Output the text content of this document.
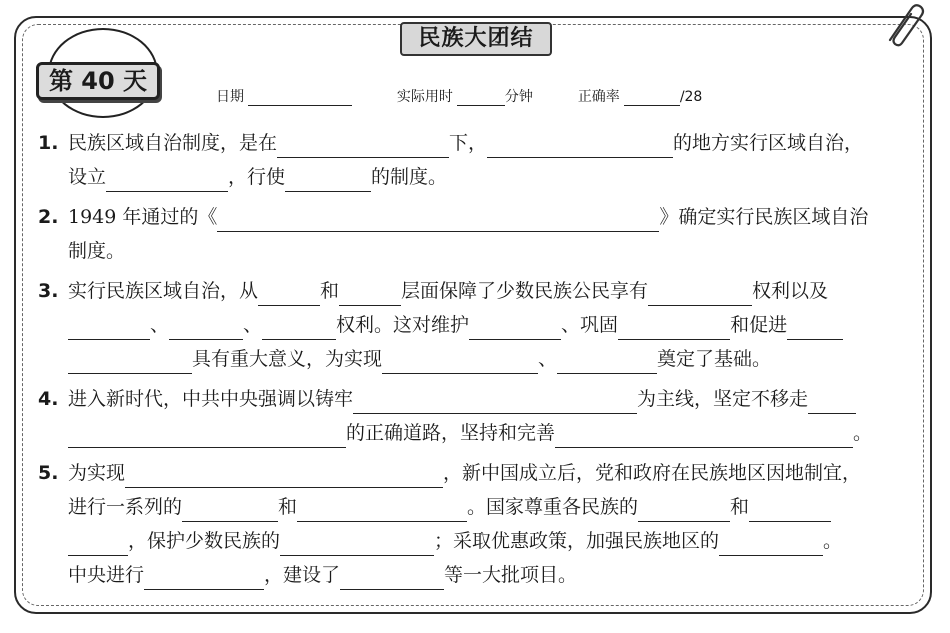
民族大团结
第 40 天
日期	实际用时	分钟	正确率	/28
1. 民族区域自治制度，是在	下，	的地方实行区域自治，
设立	，行使	的制度。
2. 1949 年通过的《	》确定实行民族区域自治
制度。
3. 实行民族区域自治，从	和	层面保障了少数民族公民享有	权利以及
、	、	权利。这对维护	、巩固	和促进
具有重大意义，为实现	、	奠定了基础。
4. 进入新时代，中共中央强调以铸牢	为主线，坚定不移走
的正确道路，坚持和完善	。
5. 为实现	，新中国成立后，党和政府在民族地区因地制宜，
进行一系列的	和	。国家尊重各民族的	和
，保护少数民族的	；采取优惠政策，加强民族地区的	。
中央进行	，建设了	等一大批项目。
